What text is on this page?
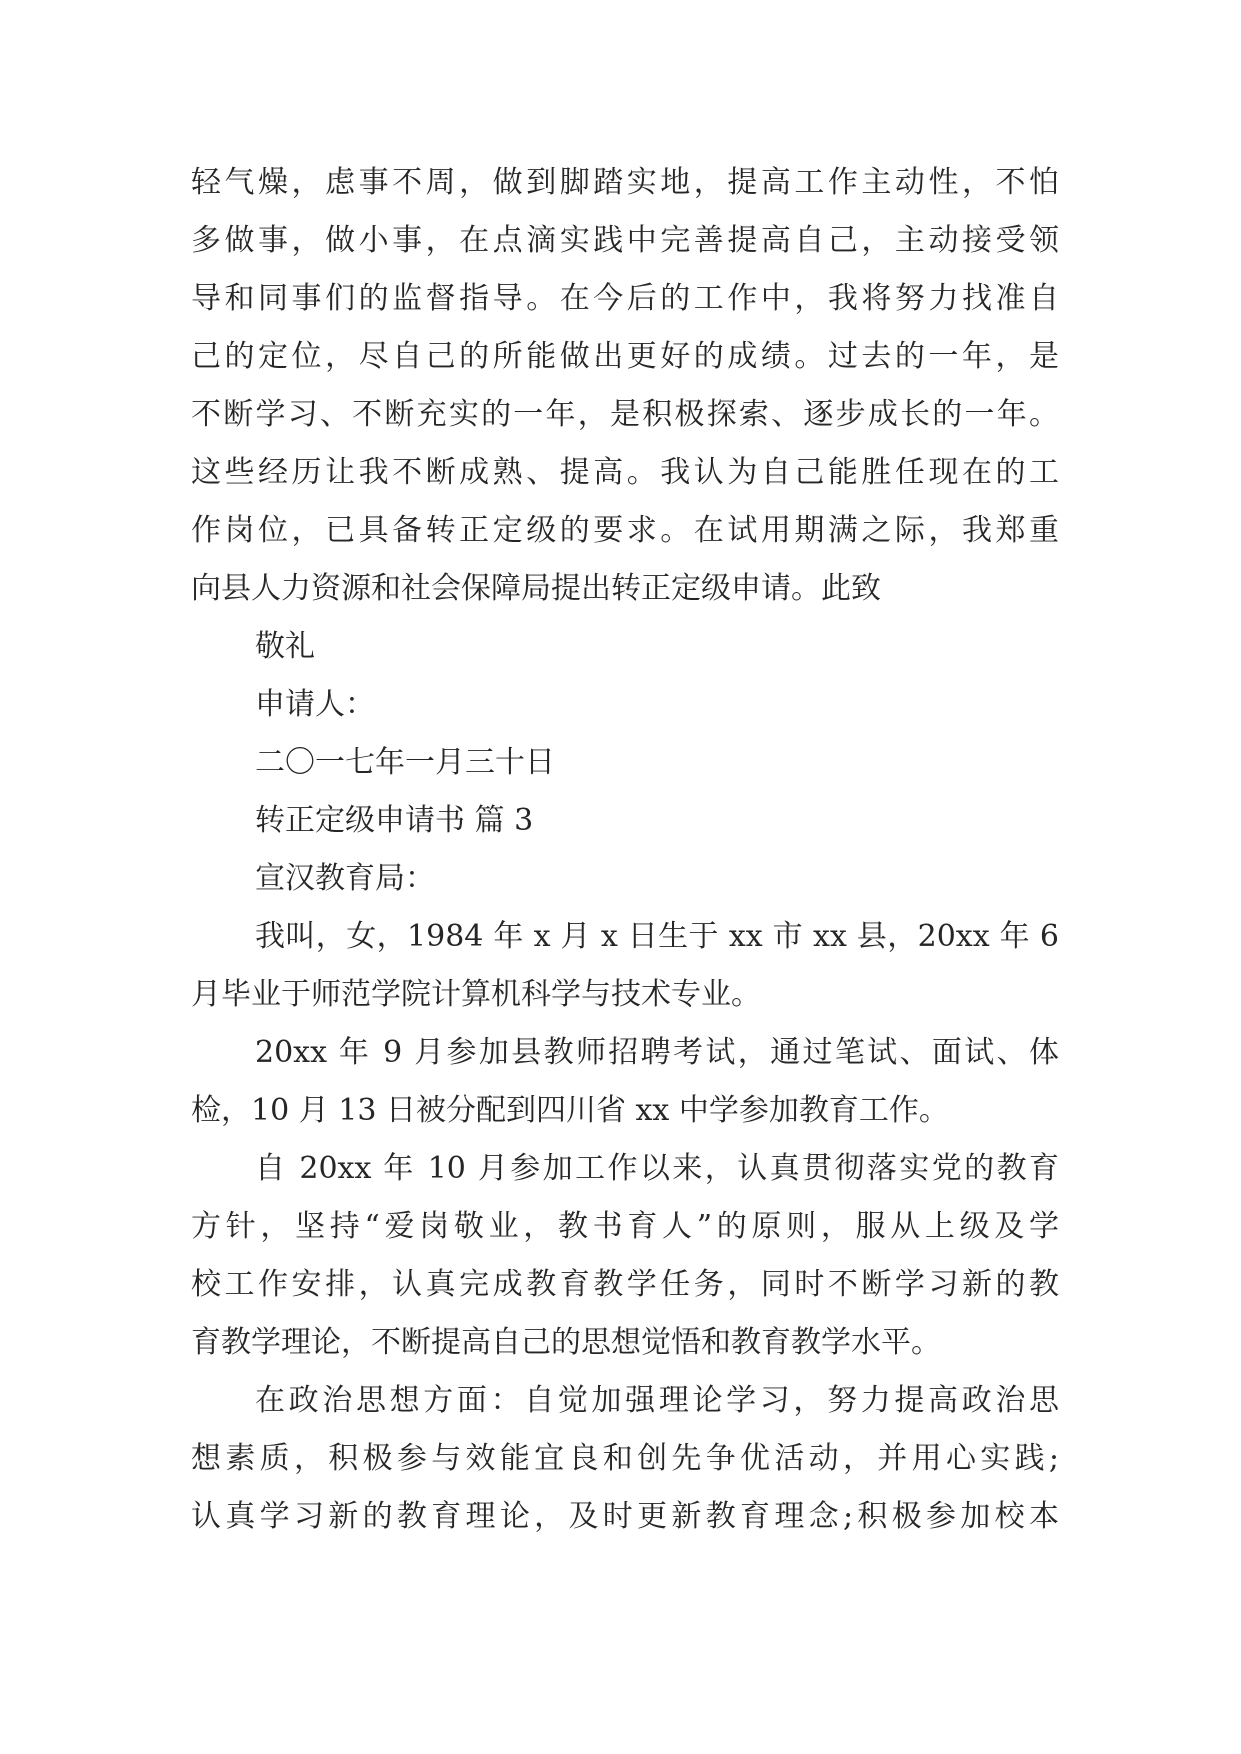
轻气燥，虑事不周，做到脚踏实地，提高工作主动性，不怕
多做事，做小事，在点滴实践中完善提高自己，主动接受领
导和同事们的监督指导。在今后的工作中，我将努力找准自
己的定位，尽自己的所能做出更好的成绩。过去的一年，是
不断学习、不断充实的一年，是积极探索、逐步成长的一年。
这些经历让我不断成熟、提高。我认为自己能胜任现在的工
作岗位，已具备转正定级的要求。在试用期满之际，我郑重
向县人力资源和社会保障局提出转正定级申请。此致
敬礼
申请人：
二〇一七年一月三十日
转正定级申请书 篇 3
宣汉教育局：
我叫，女，1984 年 x 月 x 日生于 xx 市 xx 县，20xx 年 6
月毕业于师范学院计算机科学与技术专业。
20xx 年 9 月参加县教师招聘考试，通过笔试、面试、体
检，10 月 13 日被分配到四川省 xx 中学参加教育工作。
自 20xx 年 10 月参加工作以来，认真贯彻落实党的教育
方针，坚持“爱岗敬业，教书育人”的原则，服从上级及学
校工作安排，认真完成教育教学任务，同时不断学习新的教
育教学理论，不断提高自己的思想觉悟和教育教学水平。
在政治思想方面：自觉加强理论学习，努力提高政治思
想素质，积极参与效能宜良和创先争优活动，并用心实践;
认真学习新的教育理论，及时更新教育理念;积极参加校本
